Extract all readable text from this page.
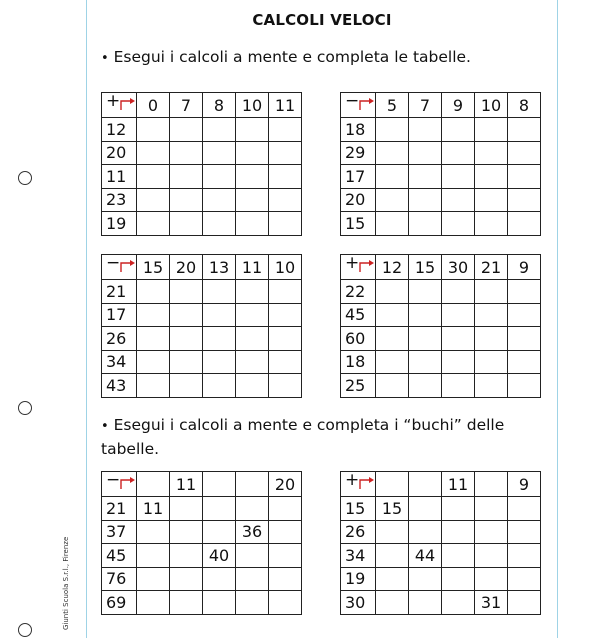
CALCOLI VELOCI
• Esegui i calcoli a mente e completa le tabelle.
• Esegui i calcoli a mente e completa i “buchi” delle tabelle.
Giunti Scuola S.r.l., Firenze
+	0	7	8	10	11
12					
20					
11					
23					
19					
−	5	7	9	10	8
18					
29					
17					
20					
15					
−	15	20	13	11	10
21					
17					
26					
34					
43					
+	12	15	30	21	9
22					
45					
60					
18					
25					
−		11			20
21	11				
37				36	
45			40		
76					
69					
+			11		9
15	15				
26					
34		44			
19					
30				31	
